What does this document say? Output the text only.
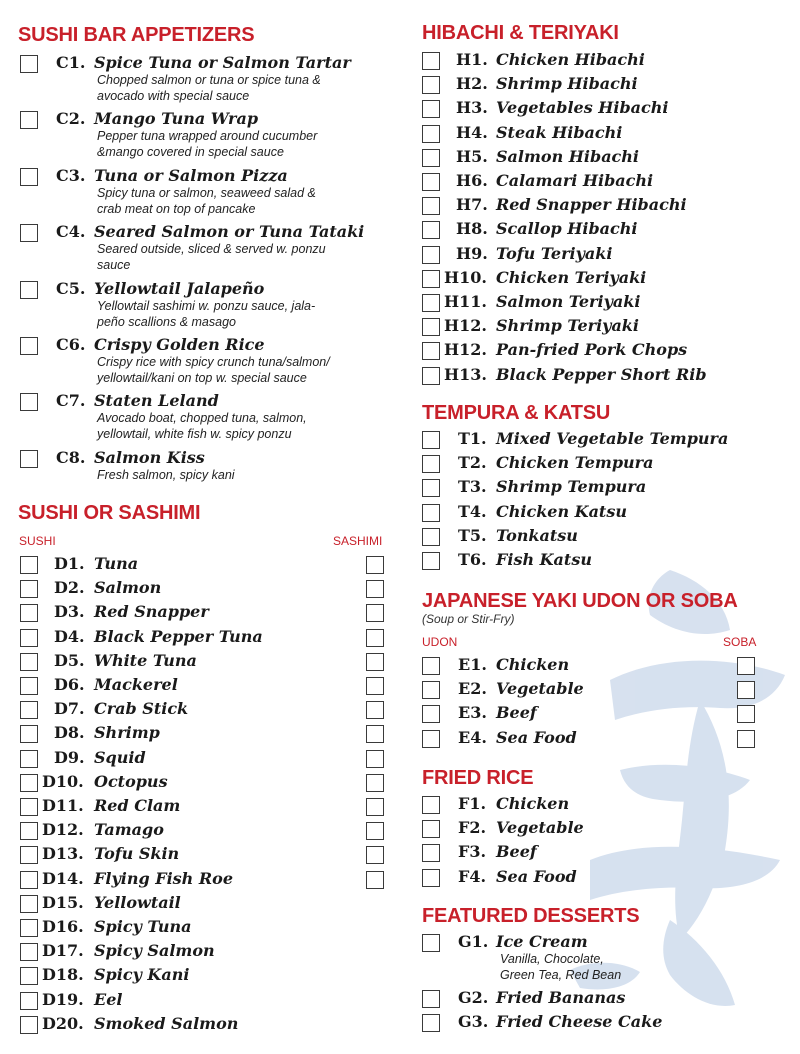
SUSHI BAR APPETIZERS
C1. Spice Tuna or Salmon Tartar
Chopped salmon or tuna or spice tuna &
avocado with special sauce
C2. Mango Tuna Wrap
Pepper tuna wrapped around cucumber
&mango covered in special sauce
C3. Tuna or Salmon Pizza
Spicy tuna or salmon, seaweed salad &
crab meat on top of pancake
C4. Seared Salmon or Tuna Tataki
Seared outside, sliced & served w. ponzu
sauce
C5. Yellowtail Jalapeño
Yellowtail sashimi w. ponzu sauce, jala-
peño scallions & masago
C6. Crispy Golden Rice
Crispy rice with spicy crunch tuna/salmon/
yellowtail/kani on top w. special sauce
C7. Staten Leland
Avocado boat, chopped tuna, salmon,
yellowtail, white fish w. spicy ponzu
C8. Salmon Kiss
Fresh salmon, spicy kani
SUSHI OR SASHIMI
SUSHI	SASHIMI
D1. Tuna
D2. Salmon
D3. Red Snapper
D4. Black Pepper Tuna
D5. White Tuna
D6. Mackerel
D7. Crab Stick
D8. Shrimp
D9. Squid
D10. Octopus
D11. Red Clam
D12. Tamago
D13. Tofu Skin
D14. Flying Fish Roe
D15. Yellowtail
D16. Spicy Tuna
D17. Spicy Salmon
D18. Spicy Kani
D19. Eel
D20. Smoked Salmon
HIBACHI & TERIYAKI
H1. Chicken Hibachi
H2. Shrimp Hibachi
H3. Vegetables Hibachi
H4. Steak Hibachi
H5. Salmon Hibachi
H6. Calamari Hibachi
H7. Red Snapper Hibachi
H8. Scallop Hibachi
H9. Tofu Teriyaki
H10. Chicken Teriyaki
H11. Salmon Teriyaki
H12. Shrimp Teriyaki
H12. Pan-fried Pork Chops
H13. Black Pepper Short Rib
TEMPURA & KATSU
T1. Mixed Vegetable Tempura
T2. Chicken Tempura
T3. Shrimp Tempura
T4. Chicken Katsu
T5. Tonkatsu
T6. Fish Katsu
JAPANESE YAKI UDON OR SOBA
(Soup or Stir-Fry)
UDON	SOBA
E1. Chicken
E2. Vegetable
E3. Beef
E4. Sea Food
FRIED RICE
F1. Chicken
F2. Vegetable
F3. Beef
F4. Sea Food
FEATURED DESSERTS
G1. Ice Cream
Vanilla, Chocolate,
Green Tea, Red Bean
G2. Fried Bananas
G3. Fried Cheese Cake
